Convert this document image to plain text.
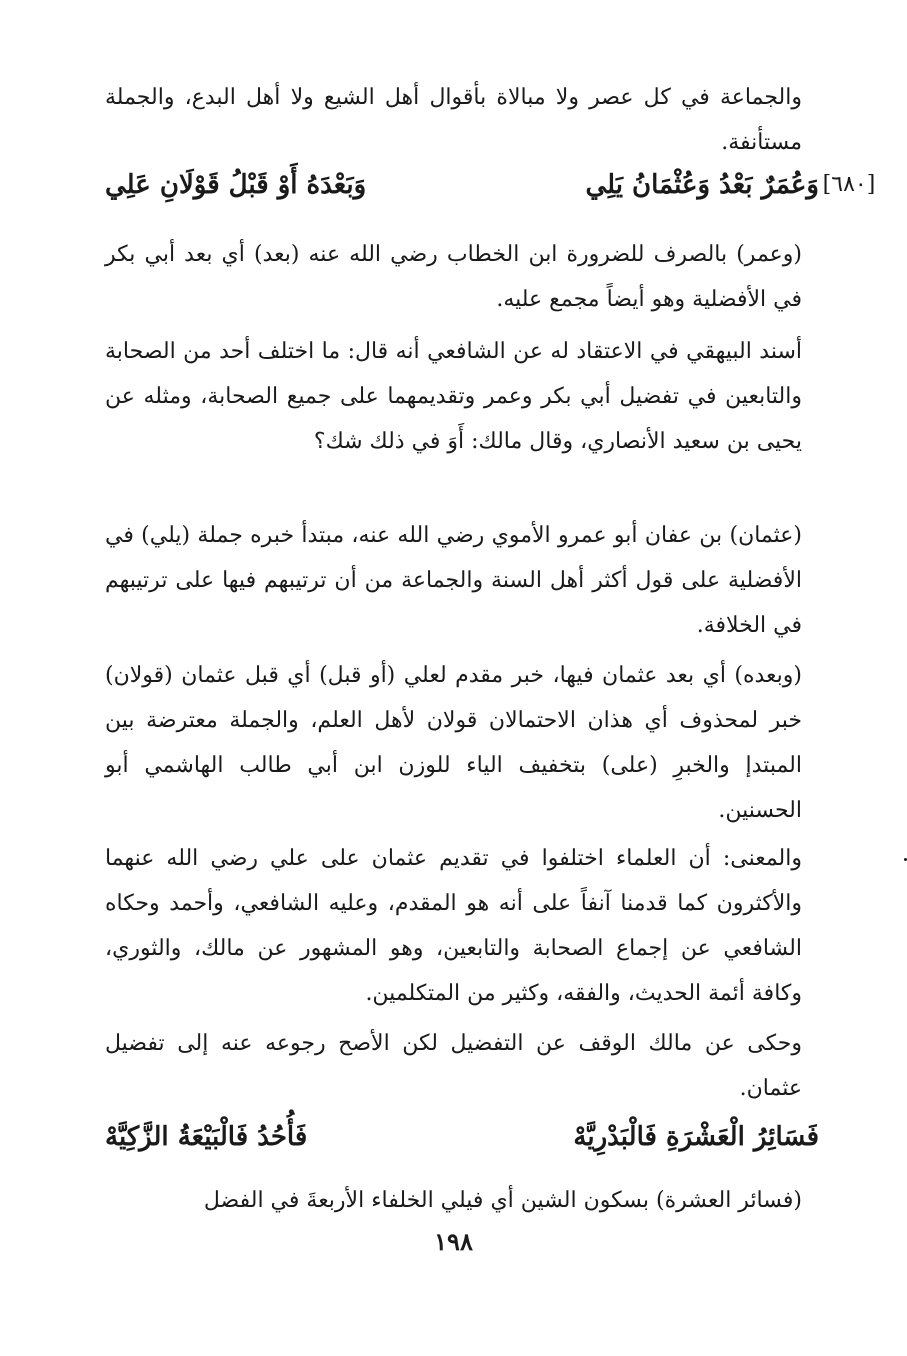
والجماعة في كل عصر ولا مبالاة بأقوال أهل الشيع ولا أهل البدع، والجملة مستأنفة.
[٦٨٠]
وَعُمَرٌ بَعْدُ وَعُثْمَانُ يَلِي
وَبَعْدَهُ أَوْ قَبْلُ قَوْلَانِ عَلِي
(وعمر) بالصرف للضرورة ابن الخطاب رضي الله عنه (بعد) أي بعد أبي بكر في الأفضلية وهو أيضاً مجمع عليه.
أسند البيهقي في الاعتقاد له عن الشافعي أنه قال: ما اختلف أحد من الصحابة والتابعين في تفضيل أبي بكر وعمر وتقديمهما على جميع الصحابة، ومثله عن يحيى بن سعيد الأنصاري، وقال مالك: أَوَ في ذلك شك؟
(عثمان) بن عفان أبو عمرو الأموي رضي الله عنه، مبتدأ خبره جملة (يلي) في الأفضلية على قول أكثر أهل السنة والجماعة من أن ترتيبهم فيها على ترتيبهم في الخلافة.
(وبعده) أي بعد عثمان فيها، خبر مقدم لعلي (أو قبل) أي قبل عثمان (قولان) خبر لمحذوف أي هذان الاحتمالان قولان لأهل العلم، والجملة معترضة بين المبتدإ والخبرِ (على) بتخفيف الياء للوزن ابن أبي طالب الهاشمي أبو الحسنين.
والمعنى: أن العلماء اختلفوا في تقديم عثمان على علي رضي الله عنهما والأكثرون كما قدمنا آنفاً على أنه هو المقدم، وعليه الشافعي، وأحمد وحكاه الشافعي عن إجماع الصحابة والتابعين، وهو المشهور عن مالك، والثوري، وكافة أئمة الحديث، والفقه، وكثير من المتكلمين.
وحكى عن مالك الوقف عن التفضيل لكن الأصح رجوعه عنه إلى تفضيل عثمان.
فَسَائِرُ الْعَشْرَةِ فَالْبَدْرِيَّهْ
فَأُحُدُ فَالْبَيْعَةُ الزَّكِيَّهْ
(فسائر العشرة) بسكون الشين أي فيلي الخلفاء الأربعةَ في الفضل
١٩٨
